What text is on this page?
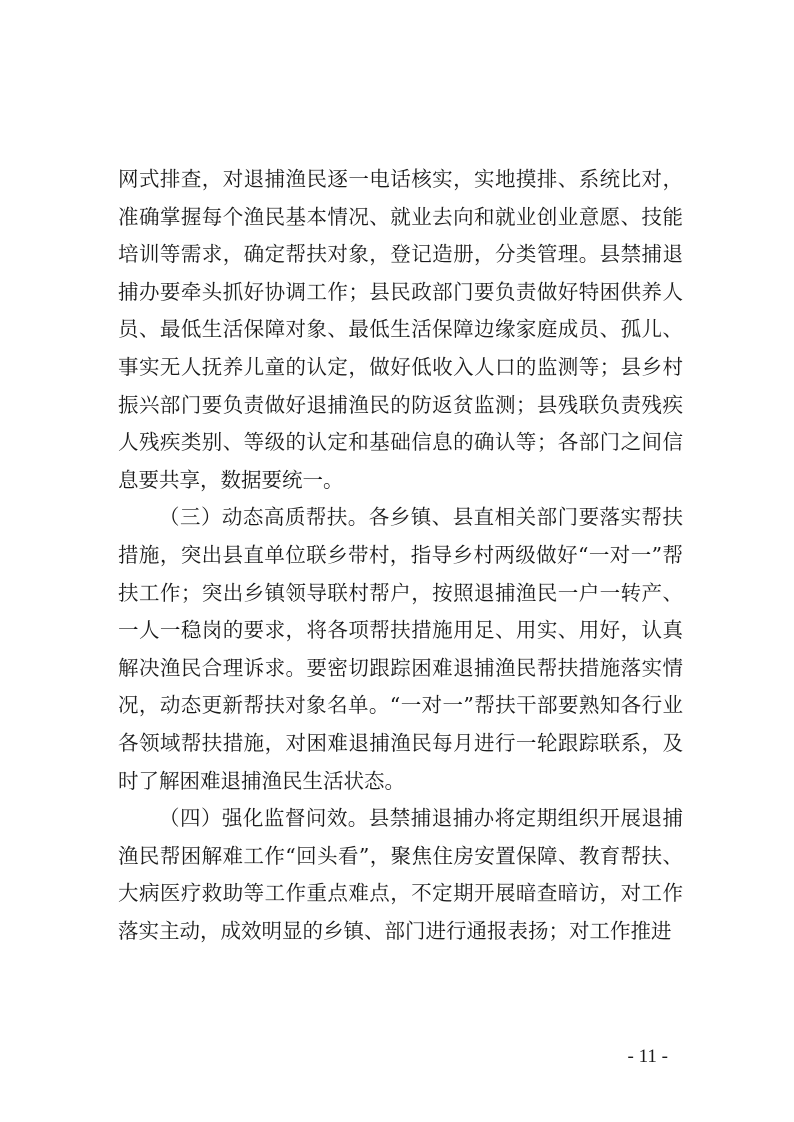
网式排查，对退捕渔民逐一电话核实，实地摸排、系统比对，准确掌握每个渔民基本情况、就业去向和就业创业意愿、技能培训等需求，确定帮扶对象，登记造册，分类管理。县禁捕退捕办要牵头抓好协调工作；县民政部门要负责做好特困供养人员、最低生活保障对象、最低生活保障边缘家庭成员、孤儿、事实无人抚养儿童的认定，做好低收入人口的监测等；县乡村振兴部门要负责做好退捕渔民的防返贫监测；县残联负责残疾人残疾类别、等级的认定和基础信息的确认等；各部门之间信息要共享，数据要统一。

（三）动态高质帮扶。各乡镇、县直相关部门要落实帮扶措施，突出县直单位联乡带村，指导乡村两级做好“一对一”帮扶工作；突出乡镇领导联村帮户，按照退捕渔民一户一转产、一人一稳岗的要求，将各项帮扶措施用足、用实、用好，认真解决渔民合理诉求。要密切跟踪困难退捕渔民帮扶措施落实情况，动态更新帮扶对象名单。“一对一”帮扶干部要熟知各行业各领域帮扶措施，对困难退捕渔民每月进行一轮跟踪联系，及时了解困难退捕渔民生活状态。

（四）强化监督问效。县禁捕退捕办将定期组织开展退捕渔民帮困解难工作“回头看”，聚焦住房安置保障、教育帮扶、大病医疗救助等工作重点难点，不定期开展暗查暗访，对工作落实主动，成效明显的乡镇、部门进行通报表扬；对工作推进

- 11 -
